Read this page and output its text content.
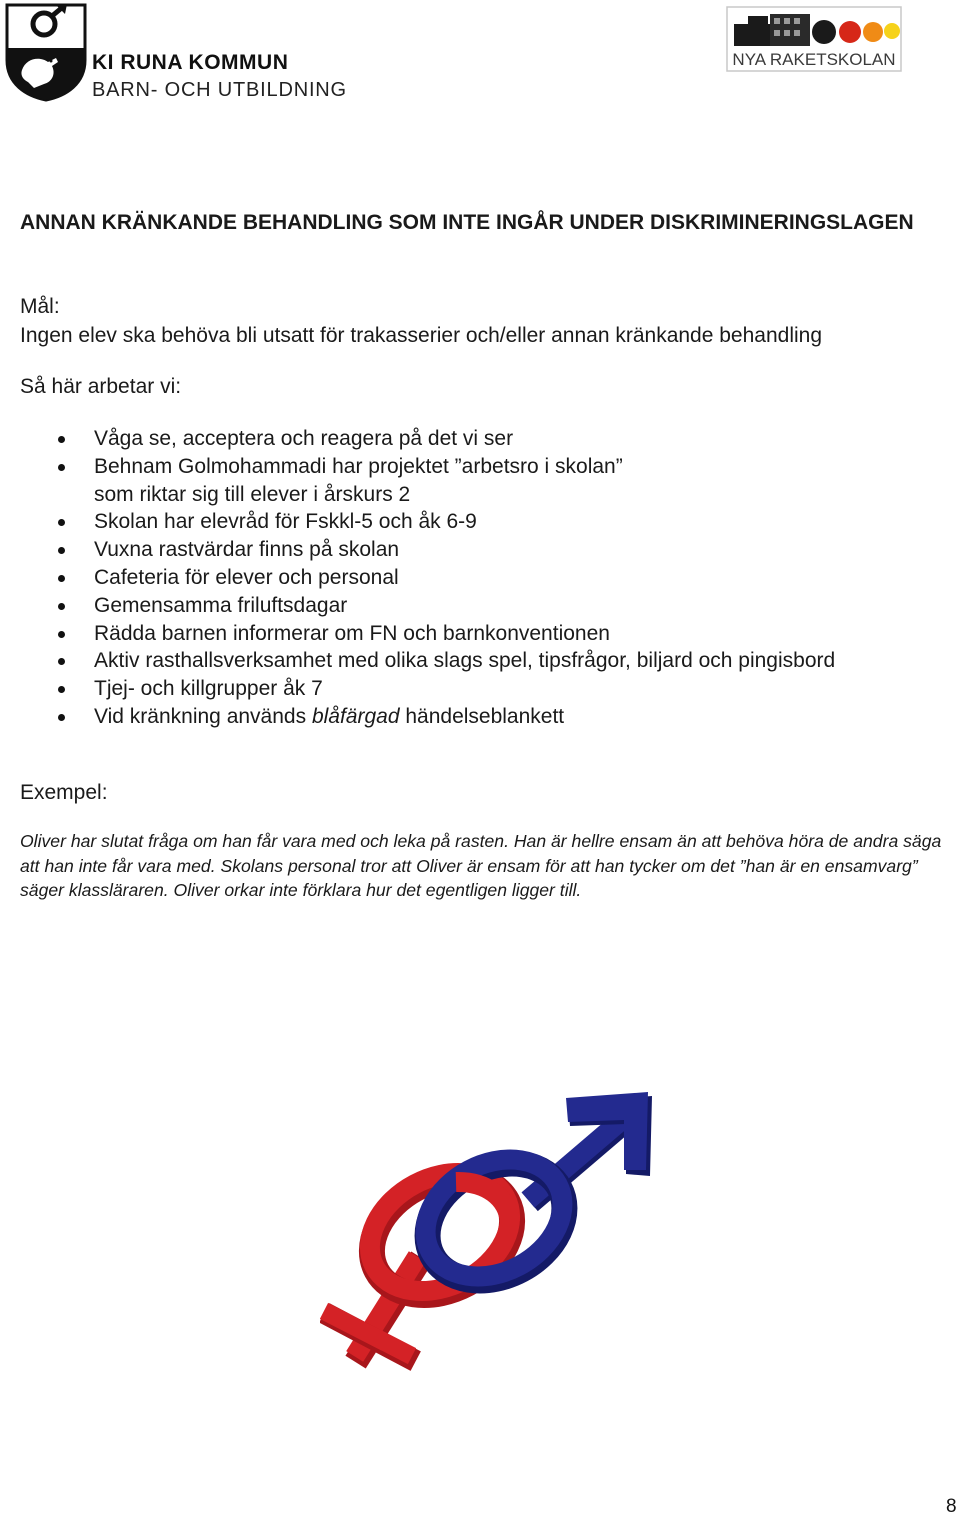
KI RUNA KOMMUN
BARN- OCH UTBILDNING
NYA RAKETSKOLAN
ANNAN KRÄNKANDE BEHANDLING SOM INTE INGÅR UNDER DISKRIMINERINGSLAGEN
Mål:
Ingen elev ska behöva bli utsatt för trakasserier och/eller annan kränkande behandling
Så här arbetar vi:
Våga se, acceptera och reagera på det vi ser
Behnam Golmohammadi har projektet ”arbetsro i skolan”
som riktar sig till elever i årskurs 2
Skolan har elevråd för Fskkl-5 och åk 6-9
Vuxna rastvärdar finns på skolan
Cafeteria för elever och personal
Gemensamma friluftsdagar
Rädda barnen informerar om FN och barnkonventionen
Aktiv rasthallsverksamhet med olika slags spel, tipsfrågor, biljard och pingisbord
Tjej- och killgrupper åk 7
Vid kränkning används blåfärgad händelseblankett
Exempel:

Oliver har slutat fråga om han får vara med och leka på rasten. Han är hellre ensam än att behöva höra de andra säga att han inte får vara med. Skolans personal tror att Oliver är ensam för att han tycker om det ”han är en ensamvarg” säger klassläraren. Oliver orkar inte förklara hur det egentligen ligger till.

8
